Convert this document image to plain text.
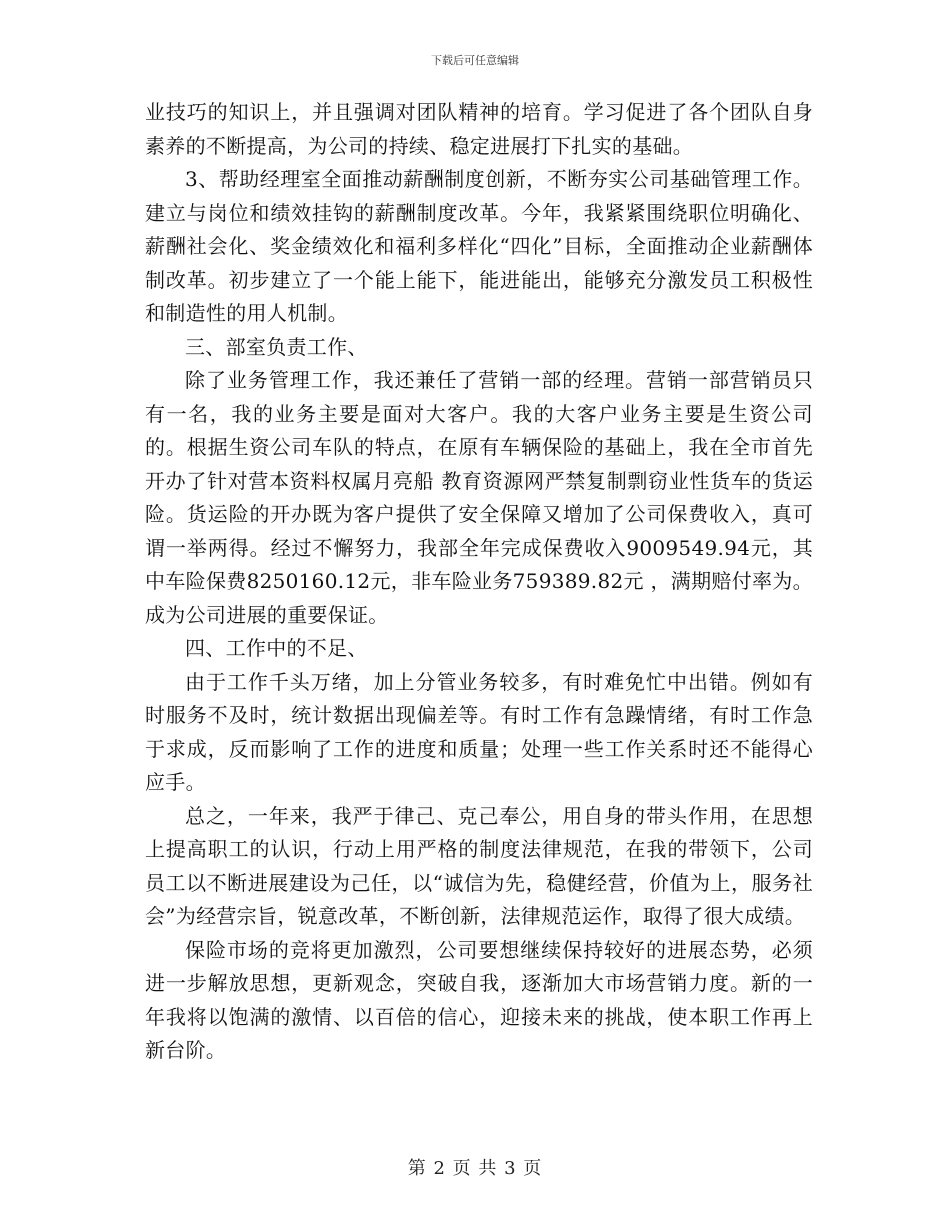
下载后可任意编辑

业技巧的知识上，并且强调对团队精神的培育。学习促进了各个团队自身素养的不断提高，为公司的持续、稳定进展打下扎实的基础。

3、帮助经理室全面推动薪酬制度创新，不断夯实公司基础管理工作。建立与岗位和绩效挂钩的薪酬制度改革。今年，我紧紧围绕职位明确化、薪酬社会化、奖金绩效化和福利多样化“四化”目标，全面推动企业薪酬体制改革。初步建立了一个能上能下，能进能出，能够充分激发员工积极性和制造性的用人机制。

三、部室负责工作、

除了业务管理工作，我还兼任了营销一部的经理。营销一部营销员只有一名，我的业务主要是面对大客户。我的大客户业务主要是生资公司的。根据生资公司车队的特点，在原有车辆保险的基础上，我在全市首先开办了针对营本资料权属月亮船 教育资源网严禁复制剽窃业性货车的货运险。货运险的开办既为客户提供了安全保障又增加了公司保费收入，真可谓一举两得。经过不懈努力，我部全年完成保费收入9009549.94元，其中车险保费8250160.12元，非车险业务759389.82元 ，满期赔付率为。成为公司进展的重要保证。

四、工作中的不足、

由于工作千头万绪，加上分管业务较多，有时难免忙中出错。例如有时服务不及时，统计数据出现偏差等。有时工作有急躁情绪，有时工作急于求成，反而影响了工作的进度和质量；处理一些工作关系时还不能得心应手。

总之，一年来，我严于律己、克己奉公，用自身的带头作用，在思想上提高职工的认识，行动上用严格的制度法律规范，在我的带领下，公司员工以不断进展建设为己任，以“诚信为先，稳健经营，价值为上，服务社会”为经营宗旨，锐意改革，不断创新，法律规范运作，取得了很大成绩。

保险市场的竞将更加激烈，公司要想继续保持较好的进展态势，必须进一步解放思想，更新观念，突破自我，逐渐加大市场营销力度。新的一年我将以饱满的激情、以百倍的信心，迎接未来的挑战，使本职工作再上新台阶。

第 2 页 共 3 页
